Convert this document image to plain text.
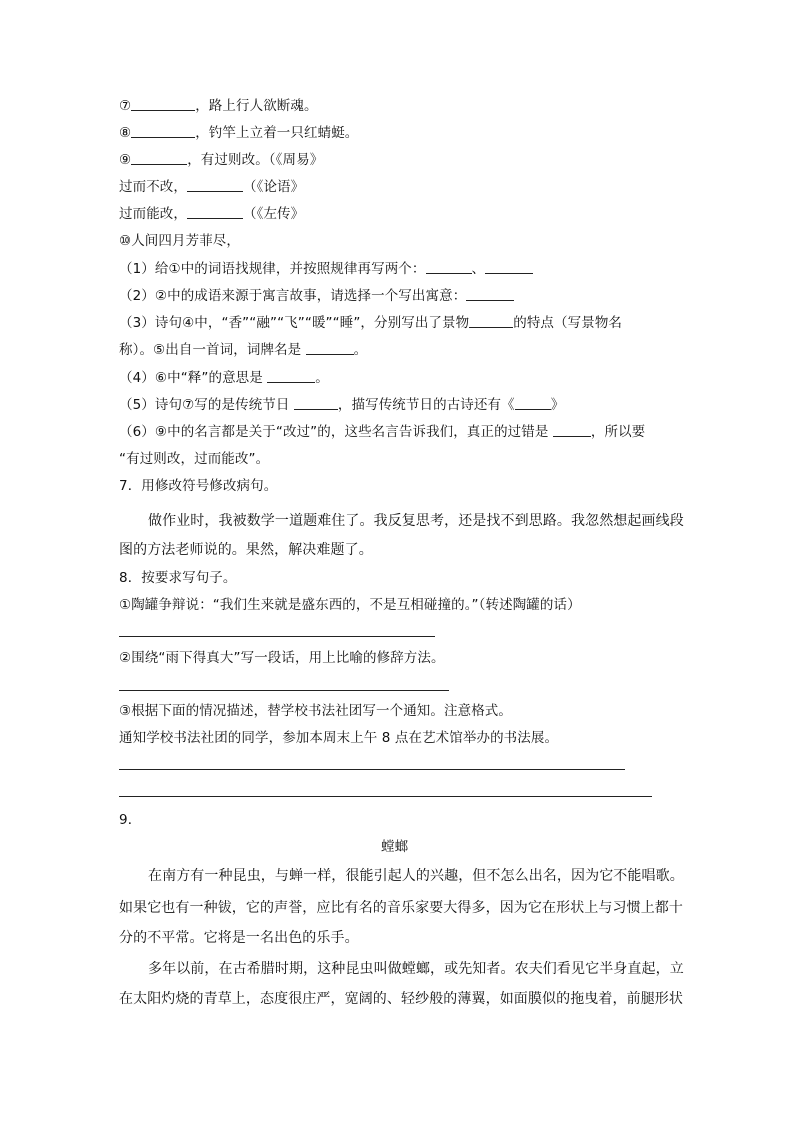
⑦	，路上行人欲断魂。
⑧	，钓竿上立着一只红蜻蜓。
⑨	，有过则改。（《周易》
过而不改，	（《论语》
过而能改，	（《左传》
⑩人间四月芳菲尽，
（1）给①中的词语找规律，并按照规律再写两个：	、
（2）②中的成语来源于寓言故事，请选择一个写出寓意：
（3）诗句④中，“香”“融”“飞”“暖”“睡”，分别写出了景物	的特点（写景物名
称）。⑤出自一首词，词牌名是	。
（4）⑥中“释”的意思是	。
（5）诗句⑦写的是传统节日	，描写传统节日的古诗还有《	》
（6）⑨中的名言都是关于“改过”的，这些名言告诉我们，真正的过错是	，所以要
“有过则改，过而能改”。
7．用修改符号修改病句。
做作业时，我被数学一道题难住了。我反复思考，还是找不到思路。我忽然想起画线段
图的方法老师说的。果然，解决难题了。
8．按要求写句子。
①陶罐争辩说：“我们生来就是盛东西的，不是互相碰撞的。”（转述陶罐的话）
②围绕“雨下得真大”写一段话，用上比喻的修辞方法。
③根据下面的情况描述，替学校书法社团写一个通知。注意格式。
通知学校书法社团的同学，参加本周末上午 8 点在艺术馆举办的书法展。
9．
螳螂
在南方有一种昆虫，与蝉一样，很能引起人的兴趣，但不怎么出名，因为它不能唱歌。
如果它也有一种钹，它的声誉，应比有名的音乐家要大得多，因为它在形状上与习惯上都十
分的不平常。它将是一名出色的乐手。
多年以前，在古希腊时期，这种昆虫叫做螳螂，或先知者。农夫们看见它半身直起，立
在太阳灼烧的青草上，态度很庄严，宽阔的、轻纱般的薄翼，如面膜似的拖曳着，前腿形状
